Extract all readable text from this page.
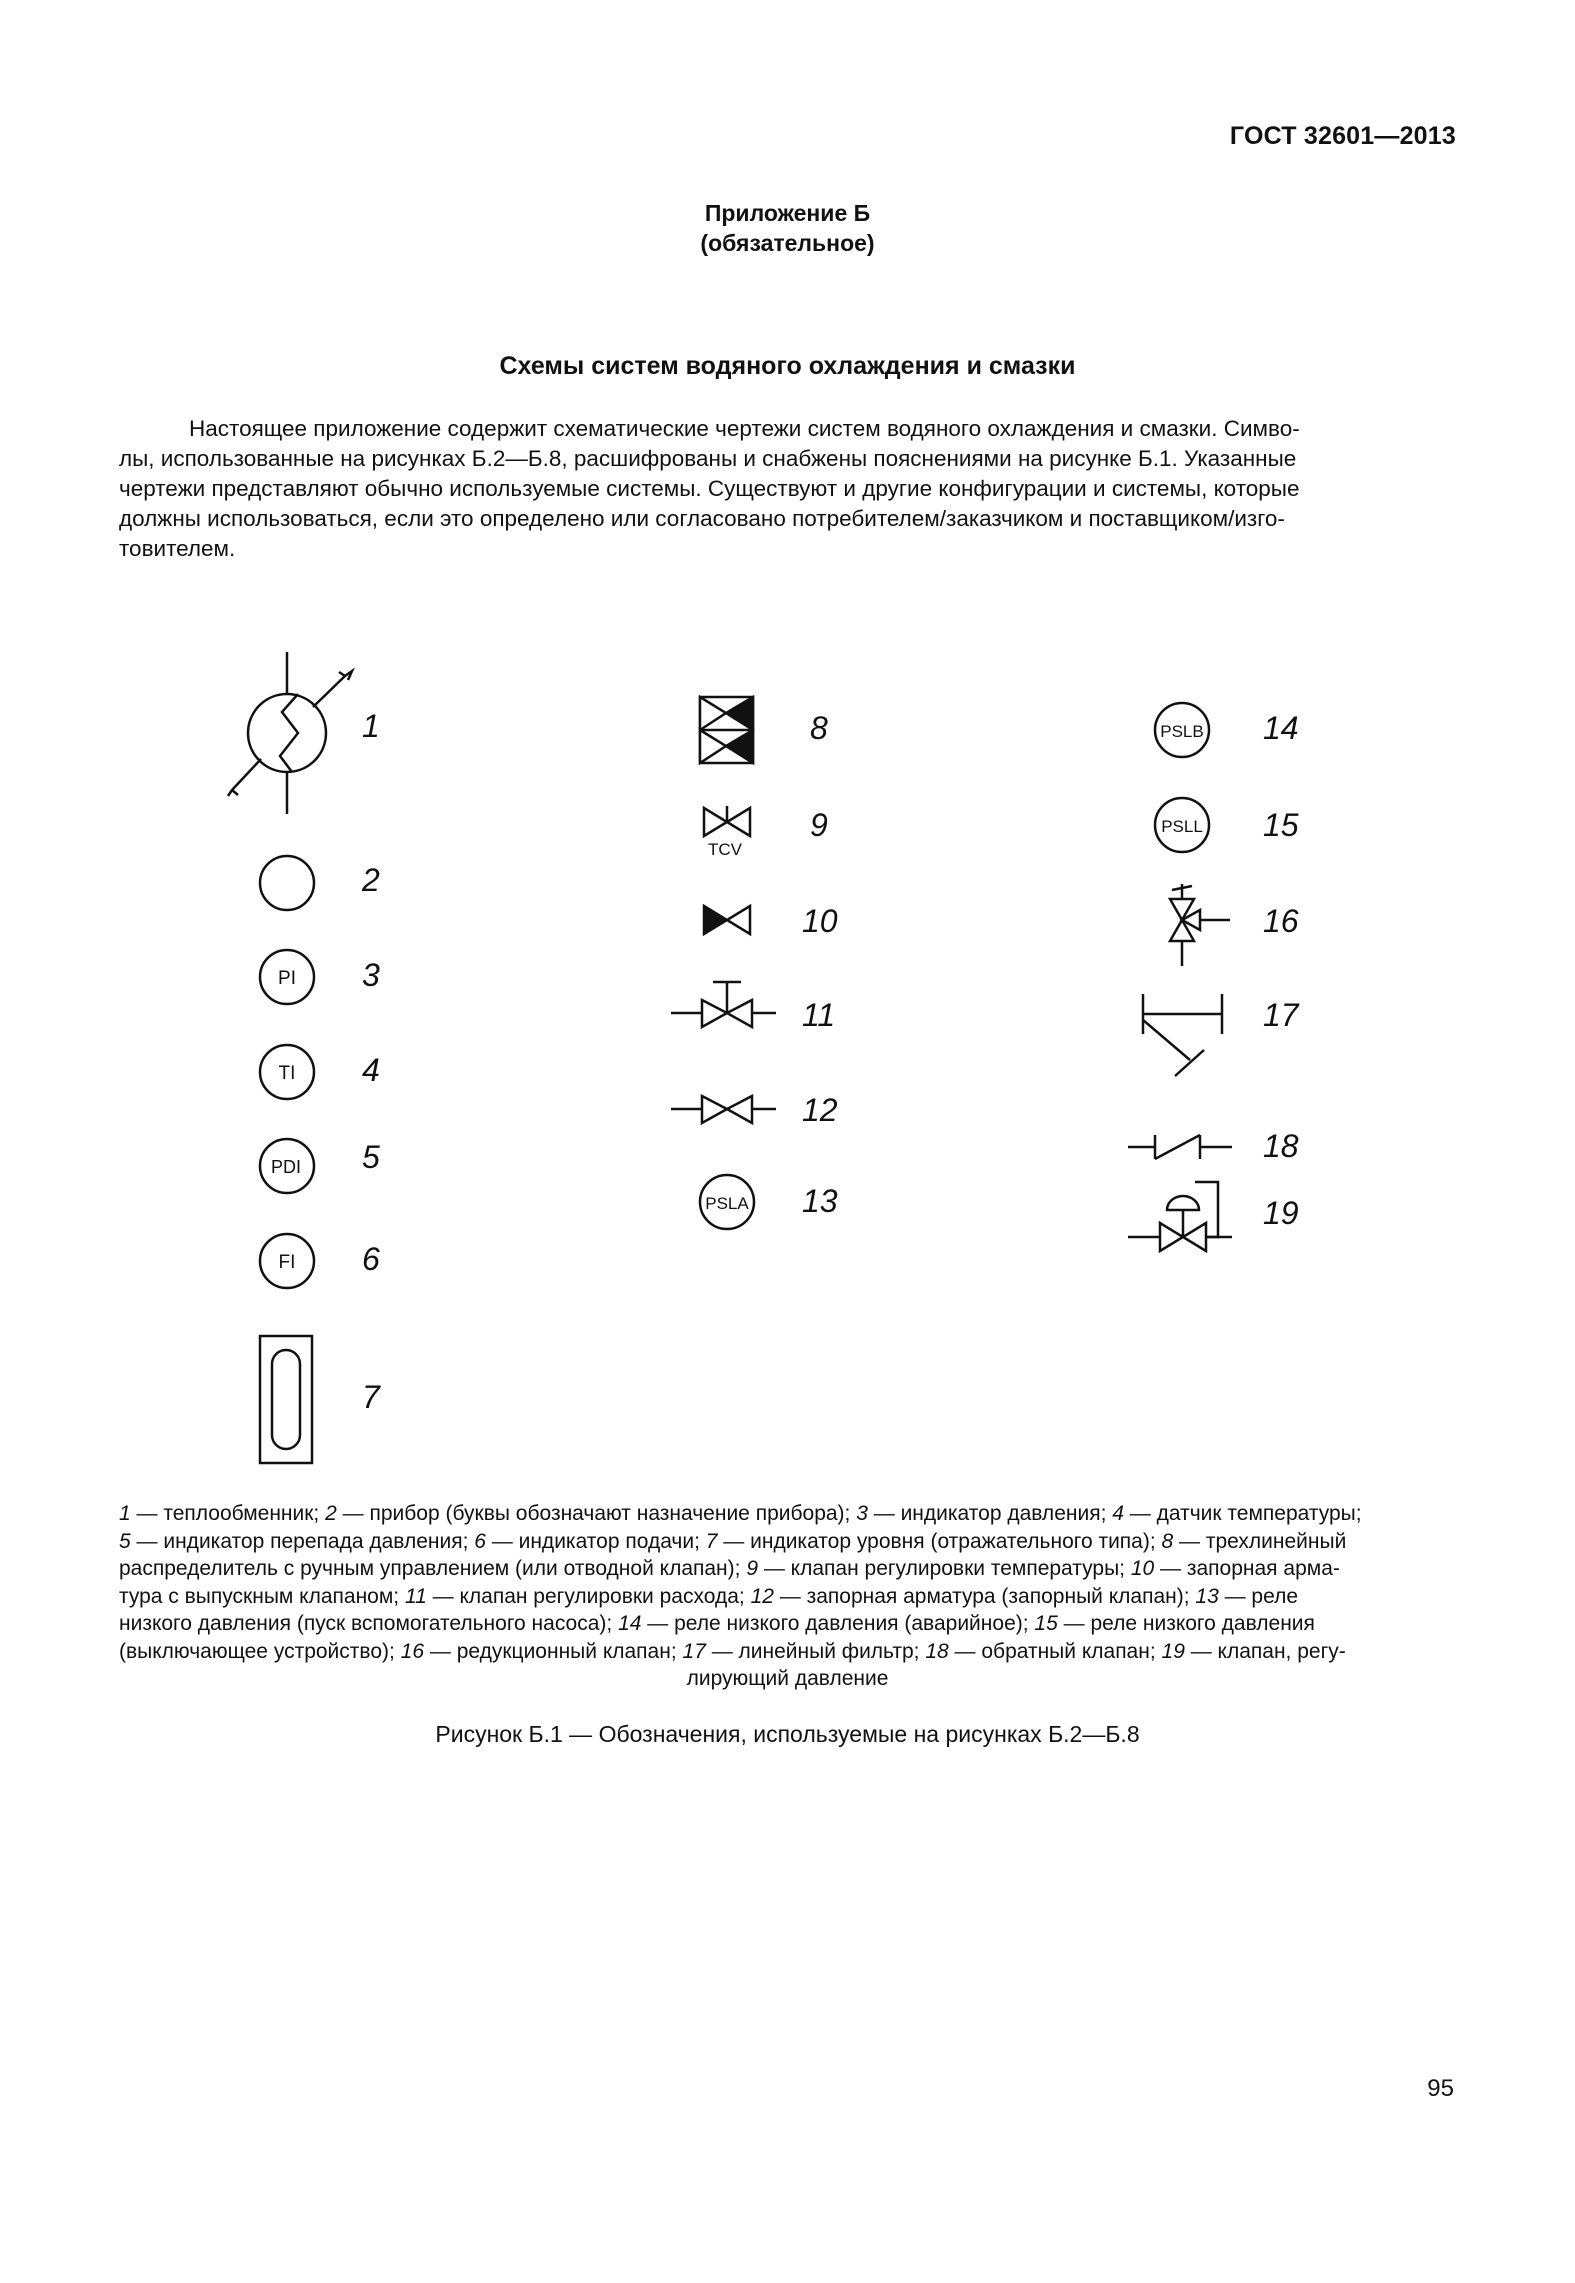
ГОСТ 32601—2013
Приложение Б
(обязательное)
Схемы систем водяного охлаждения и смазки

Настоящее приложение содержит схематические чертежи систем водяного охлаждения и смазки. Симво-
лы, использованные на рисунках Б.2—Б.8, расшифрованы и снабжены пояснениями на рисунке Б.1. Указанные
чертежи представляют обычно используемые системы. Существуют и другие конфигурации и системы, которые
должны использоваться, если это определено или согласовано потребителем/заказчиком и поставщиком/изго-
товителем.

PI
TI
PDI
FI
TCV
PSLA
PSLB
PSLL
1
2
3
4
5
6
7
8
9
10
11
12
13
14
15
16
17
18
19

1 — теплообменник; 2 — прибор (буквы обозначают назначение прибора); 3 — индикатор давления; 4 — датчик температуры;
5 — индикатор перепада давления; 6 — индикатор подачи; 7 — индикатор уровня (отражательного типа); 8 — трехлинейный
распределитель с ручным управлением (или отводной клапан); 9 — клапан регулировки температуры; 10 — запорная арма-
тура с выпускным клапаном; 11 — клапан регулировки расхода; 12 — запорная арматура (запорный клапан); 13 — реле
низкого давления (пуск вспомогательного насоса); 14 — реле низкого давления (аварийное); 15 — реле низкого давления
(выключающее устройство); 16 — редукционный клапан; 17 — линейный фильтр; 18 — обратный клапан; 19 — клапан, регу-
лирующий давление

Рисунок Б.1 — Обозначения, используемые на рисунках Б.2—Б.8
95
